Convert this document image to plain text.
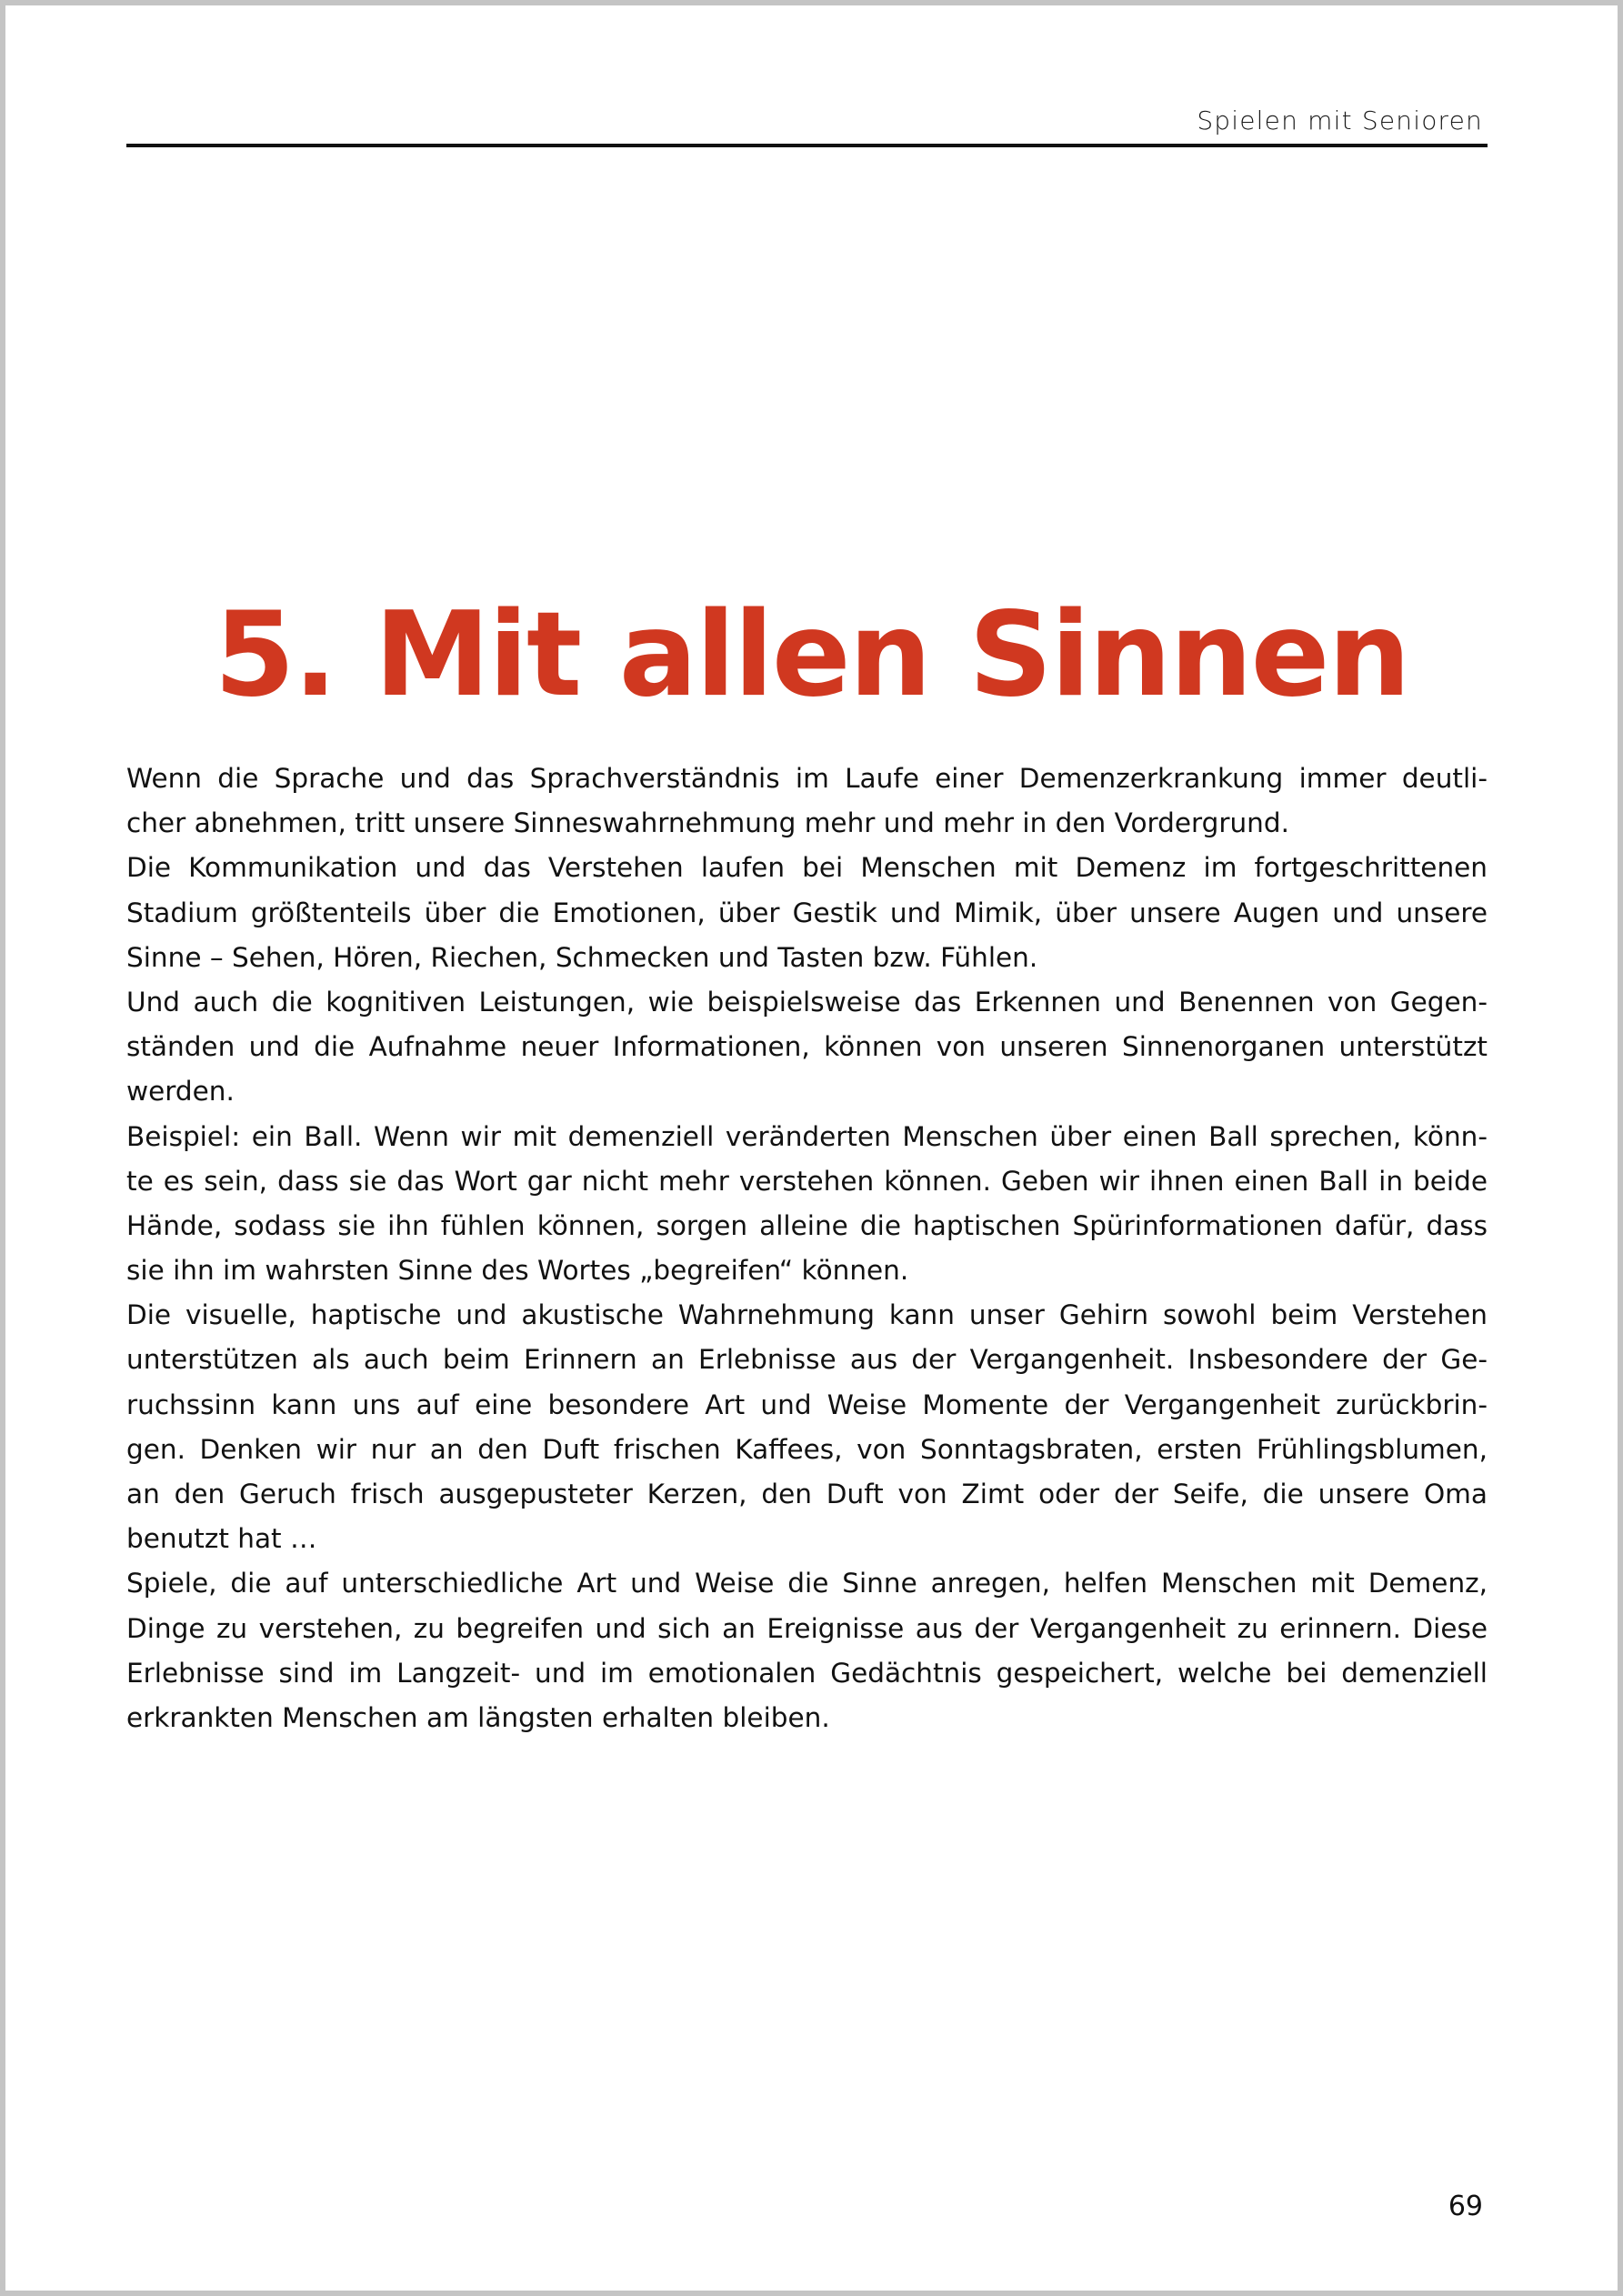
Spielen mit Senioren
5. Mit allen Sinnen
Wenn die Sprache und das Sprachverständnis im Laufe einer Demenzerkrankung immer deutli-
cher abnehmen, tritt unsere Sinneswahrnehmung mehr und mehr in den Vordergrund.
Die Kommunikation und das Verstehen laufen bei Menschen mit Demenz im fortgeschrittenen
Stadium größtenteils über die Emotionen, über Gestik und Mimik, über unsere Augen und unsere
Sinne – Sehen, Hören, Riechen, Schmecken und Tasten bzw. Fühlen.
Und auch die kognitiven Leistungen, wie beispielsweise das Erkennen und Benennen von Gegen-
ständen und die Aufnahme neuer Informationen, können von unseren Sinnenorganen unterstützt
werden.
Beispiel: ein Ball. Wenn wir mit demenziell veränderten Menschen über einen Ball sprechen, könn-
te es sein, dass sie das Wort gar nicht mehr verstehen können. Geben wir ihnen einen Ball in beide
Hände, sodass sie ihn fühlen können, sorgen alleine die haptischen Spürinformationen dafür, dass
sie ihn im wahrsten Sinne des Wortes „begreifen“ können.
Die visuelle, haptische und akustische Wahrnehmung kann unser Gehirn sowohl beim Verstehen
unterstützen als auch beim Erinnern an Erlebnisse aus der Vergangenheit. Insbesondere der Ge-
ruchssinn kann uns auf eine besondere Art und Weise Momente der Vergangenheit zurückbrin-
gen. Denken wir nur an den Duft frischen Kaffees, von Sonntagsbraten, ersten Frühlingsblumen,
an den Geruch frisch ausgepusteter Kerzen, den Duft von Zimt oder der Seife, die unsere Oma
benutzt hat …
Spiele, die auf unterschiedliche Art und Weise die Sinne anregen, helfen Menschen mit Demenz,
Dinge zu verstehen, zu begreifen und sich an Ereignisse aus der Vergangenheit zu erinnern. Diese
Erlebnisse sind im Langzeit- und im emotionalen Gedächtnis gespeichert, welche bei demenziell
erkrankten Menschen am längsten erhalten bleiben.
69
